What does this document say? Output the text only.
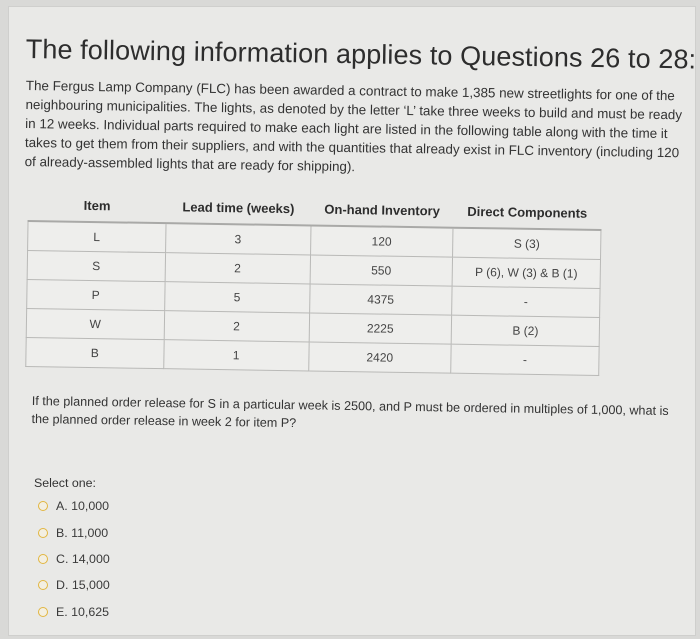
The following information applies to Questions 26 to 28:
The Fergus Lamp Company (FLC) has been awarded a contract to make 1,385 new streetlights for one of the neighbouring municipalities. The lights, as denoted by the letter ‘L’ take three weeks to build and must be ready in 12 weeks. Individual parts required to make each light are listed in the following table along with the time it takes to get them from their suppliers, and with the quantities that already exist in FLC inventory (including 120 of already-assembled lights that are ready for shipping).
Item	Lead time (weeks)	On-hand Inventory	Direct Components
L	3	120	S (3)
S	2	550	P (6), W (3) & B (1)
P	5	4375	-
W	2	2225	B (2)
B	1	2420	-
If the planned order release for S in a particular week is 2500, and P must be ordered in multiples of 1,000, what is the planned order release in week 2 for item P?
Select one:
A. 10,000
B. 11,000
C. 14,000
D. 15,000
E. 10,625
